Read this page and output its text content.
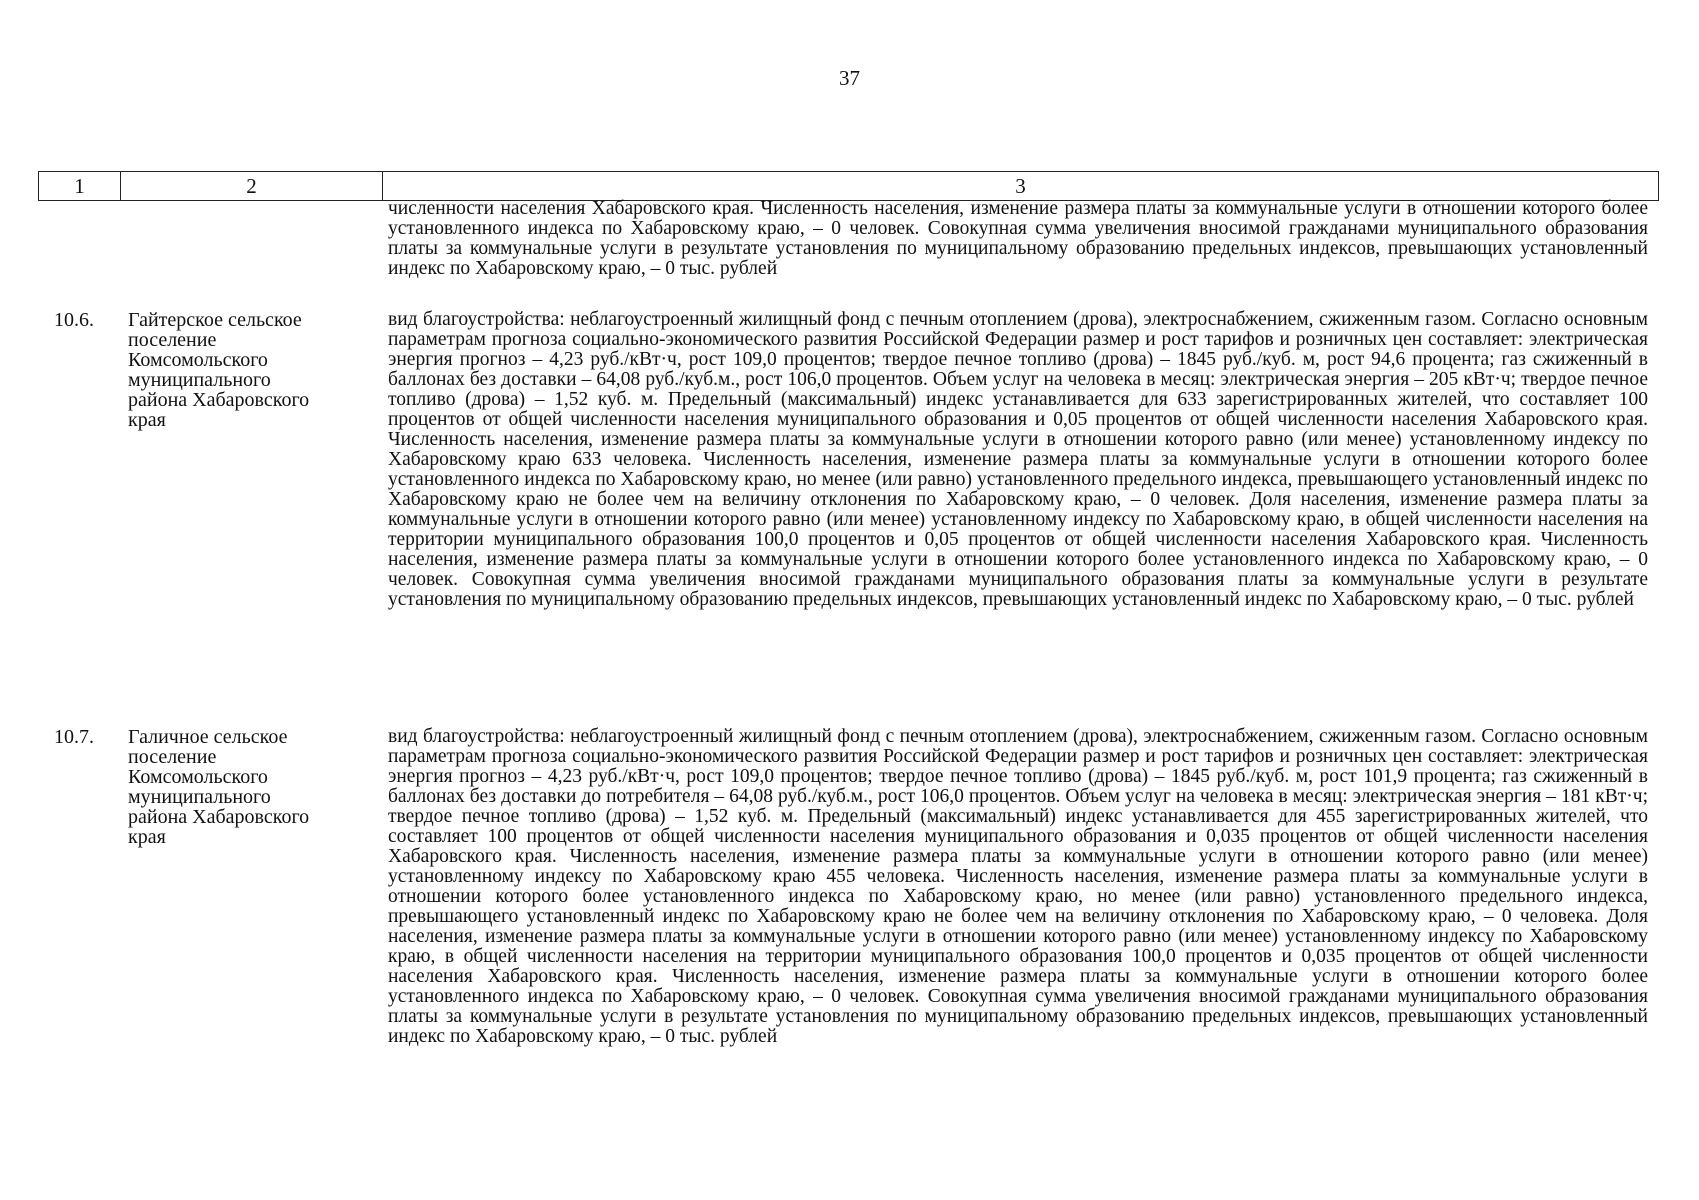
37
1	2	3
численности населения Хабаровского края. Численность населения, изменение размера платы за коммунальные услуги в отношении которого более установленного индекса по Хабаровскому краю, – 0 человек. Совокупная сумма увеличения вносимой гражданами муниципального образования платы за коммунальные услуги в результате установления по муниципальному образованию предельных индексов, превышающих установленный индекс по Хабаровскому краю, – 0 тыс. рублей
10.6. Гайтерское сельское
поселение
Комсомольского
муниципального
района Хабаровского
края
вид благоустройства: неблагоустроенный жилищный фонд с печным отоплением (дрова), электроснабжением, сжиженным газом. Согласно основным параметрам прогноза социально-экономического развития Российской Федерации размер и рост тарифов и розничных цен составляет: электрическая энергия прогноз – 4,23 руб./кВт·ч, рост 109,0 процентов; твердое печное топливо (дрова) – 1845 руб./куб. м, рост 94,6 процента; газ сжиженный в баллонах без доставки – 64,08 руб./куб.м., рост 106,0 процентов. Объем услуг на человека в месяц: электрическая энергия – 205 кВт·ч; твердое печное топливо (дрова) – 1,52 куб. м. Предельный (максимальный) индекс устанавливается для 633 зарегистрированных жителей, что составляет 100 процентов от общей численности населения муниципального образования и 0,05 процентов от общей численности населения Хабаровского края. Численность населения, изменение размера платы за коммунальные услуги в отношении которого равно (или менее) установленному индексу по Хабаровскому краю 633 человека. Численность населения, изменение размера платы за коммунальные услуги в отношении которого более установленного индекса по Хабаровскому краю, но менее (или равно) установленного предельного индекса, превышающего установленный индекс по Хабаровскому краю не более чем на величину отклонения по Хабаровскому краю, – 0 человек. Доля населения, изменение размера платы за коммунальные услуги в отношении которого равно (или менее) установленному индексу по Хабаровскому краю, в общей численности населения на территории муниципального образования 100,0 процентов и 0,05 процентов от общей численности населения Хабаровского края. Численность населения, изменение размера платы за коммунальные услуги в отношении которого более установленного индекса по Хабаровскому краю, – 0 человек. Совокупная сумма увеличения вносимой гражданами муниципального образования платы за коммунальные услуги в результате установления по муниципальному образованию предельных индексов, превышающих установленный индекс по Хабаровскому краю, – 0 тыс. рублей
10.7. Галичное сельское
поселение
Комсомольского
муниципального
района Хабаровского
края
вид благоустройства: неблагоустроенный жилищный фонд с печным отоплением (дрова), электроснабжением, сжиженным газом. Согласно основным параметрам прогноза социально-экономического развития Российской Федерации размер и рост тарифов и розничных цен составляет: электрическая энергия прогноз – 4,23 руб./кВт·ч, рост 109,0 процентов; твердое печное топливо (дрова) – 1845 руб./куб. м, рост 101,9 процента; газ сжиженный в баллонах без доставки до потребителя – 64,08 руб./куб.м., рост 106,0 процентов. Объем услуг на человека в месяц: электрическая энергия – 181 кВт·ч; твердое печное топливо (дрова) – 1,52 куб. м. Предельный (максимальный) индекс устанавливается для 455 зарегистрированных жителей, что составляет 100 процентов от общей численности населения муниципального образования и 0,035 процентов от общей численности населения Хабаровского края. Численность населения, изменение размера платы за коммунальные услуги в отношении которого равно (или менее) установленному индексу по Хабаровскому краю 455 человека. Численность населения, изменение размера платы за коммунальные услуги в отношении которого более установленного индекса по Хабаровскому краю, но менее (или равно) установленного предельного индекса, превышающего установленный индекс по Хабаровскому краю не более чем на величину отклонения по Хабаровскому краю, – 0 человека. Доля населения, изменение размера платы за коммунальные услуги в отношении которого равно (или менее) установленному индексу по Хабаровскому краю, в общей численности населения на территории муниципального образования 100,0 процентов и 0,035 процентов от общей численности населения Хабаровского края. Численность населения, изменение размера платы за коммунальные услуги в отношении которого более установленного индекса по Хабаровскому краю, – 0 человек. Совокупная сумма увеличения вносимой гражданами муниципального образования платы за коммунальные услуги в результате установления по муниципальному образованию предельных индексов, превышающих установленный индекс по Хабаровскому краю, – 0 тыс. рублей
